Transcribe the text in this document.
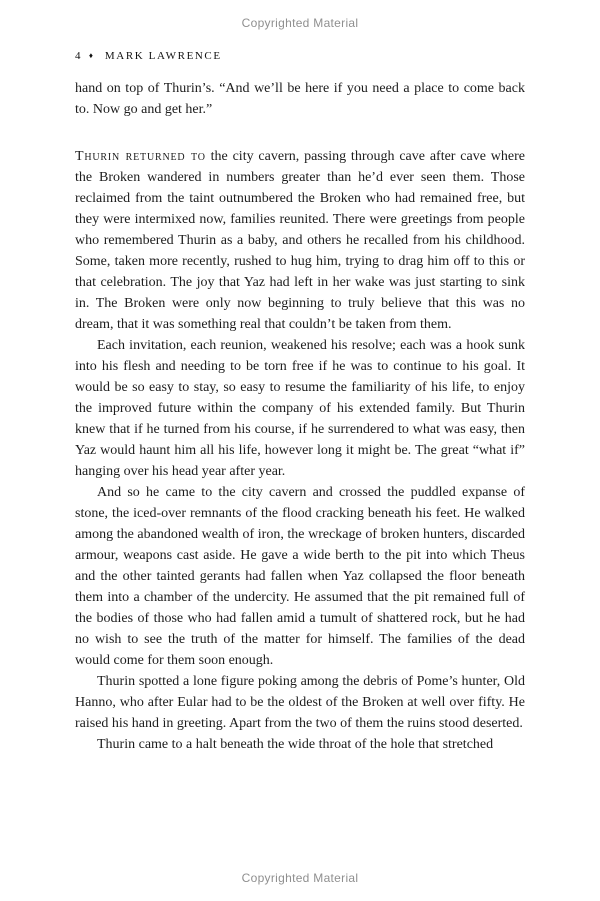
Copyrighted Material
4 ♦ MARK LAWRENCE

hand on top of Thurin’s. “And we’ll be here if you need a place to come back to. Now go and get her.”

Thurin returned to the city cavern, passing through cave after cave where the Broken wandered in numbers greater than he’d ever seen them. Those reclaimed from the taint outnumbered the Broken who had remained free, but they were intermixed now, families reunited. There were greetings from people who remembered Thurin as a baby, and others he recalled from his childhood. Some, taken more recently, rushed to hug him, trying to drag him off to this or that celebration. The joy that Yaz had left in her wake was just starting to sink in. The Broken were only now beginning to truly believe that this was no dream, that it was something real that couldn’t be taken from them.

Each invitation, each reunion, weakened his resolve; each was a hook sunk into his flesh and needing to be torn free if he was to continue to his goal. It would be so easy to stay, so easy to resume the familiarity of his life, to enjoy the improved future within the company of his extended family. But Thurin knew that if he turned from his course, if he surrendered to what was easy, then Yaz would haunt him all his life, however long it might be. The great “what if” hanging over his head year after year.

And so he came to the city cavern and crossed the puddled expanse of stone, the iced-over remnants of the flood cracking beneath his feet. He walked among the abandoned wealth of iron, the wreckage of broken hunters, discarded armour, weapons cast aside. He gave a wide berth to the pit into which Theus and the other tainted gerants had fallen when Yaz collapsed the floor beneath them into a chamber of the undercity. He assumed that the pit remained full of the bodies of those who had fallen amid a tumult of shattered rock, but he had no wish to see the truth of the matter for himself. The families of the dead would come for them soon enough.

Thurin spotted a lone figure poking among the debris of Pome’s hunter, Old Hanno, who after Eular had to be the oldest of the Broken at well over fifty. He raised his hand in greeting. Apart from the two of them the ruins stood deserted.

Thurin came to a halt beneath the wide throat of the hole that stretched

Copyrighted Material
